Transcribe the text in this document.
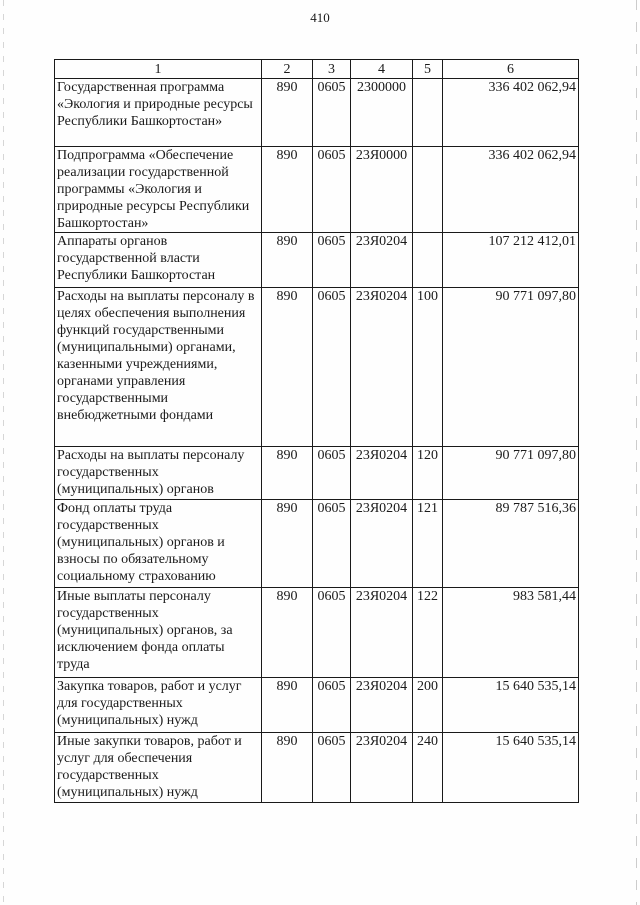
410
1	2	3	4	5	6
Государственная программа «Экология и природные ресурсы Республики Башкортостан»	890	0605	2300000		336 402 062,94
Подпрограмма «Обеспечение реализации государственной программы «Экология и природные ресурсы Республики Башкортостан»	890	0605	23Я0000		336 402 062,94
Аппараты органов государственной власти Республики Башкортостан	890	0605	23Я0204		107 212 412,01
Расходы на выплаты персоналу в целях обеспечения выполнения функций государственными (муниципальными) органами, казенными учреждениями, органами управления государственными внебюджетными фондами	890	0605	23Я0204	100	90 771 097,80
Расходы на выплаты персоналу государственных (муниципальных) органов	890	0605	23Я0204	120	90 771 097,80
Фонд оплаты труда государственных (муниципальных) органов и взносы по обязательному социальному страхованию	890	0605	23Я0204	121	89 787 516,36
Иные выплаты персоналу государственных (муниципальных) органов, за исключением фонда оплаты труда	890	0605	23Я0204	122	983 581,44
Закупка товаров, работ и услуг для государственных (муниципальных) нужд	890	0605	23Я0204	200	15 640 535,14
Иные закупки товаров, работ и услуг для обеспечения государственных (муниципальных) нужд	890	0605	23Я0204	240	15 640 535,14
